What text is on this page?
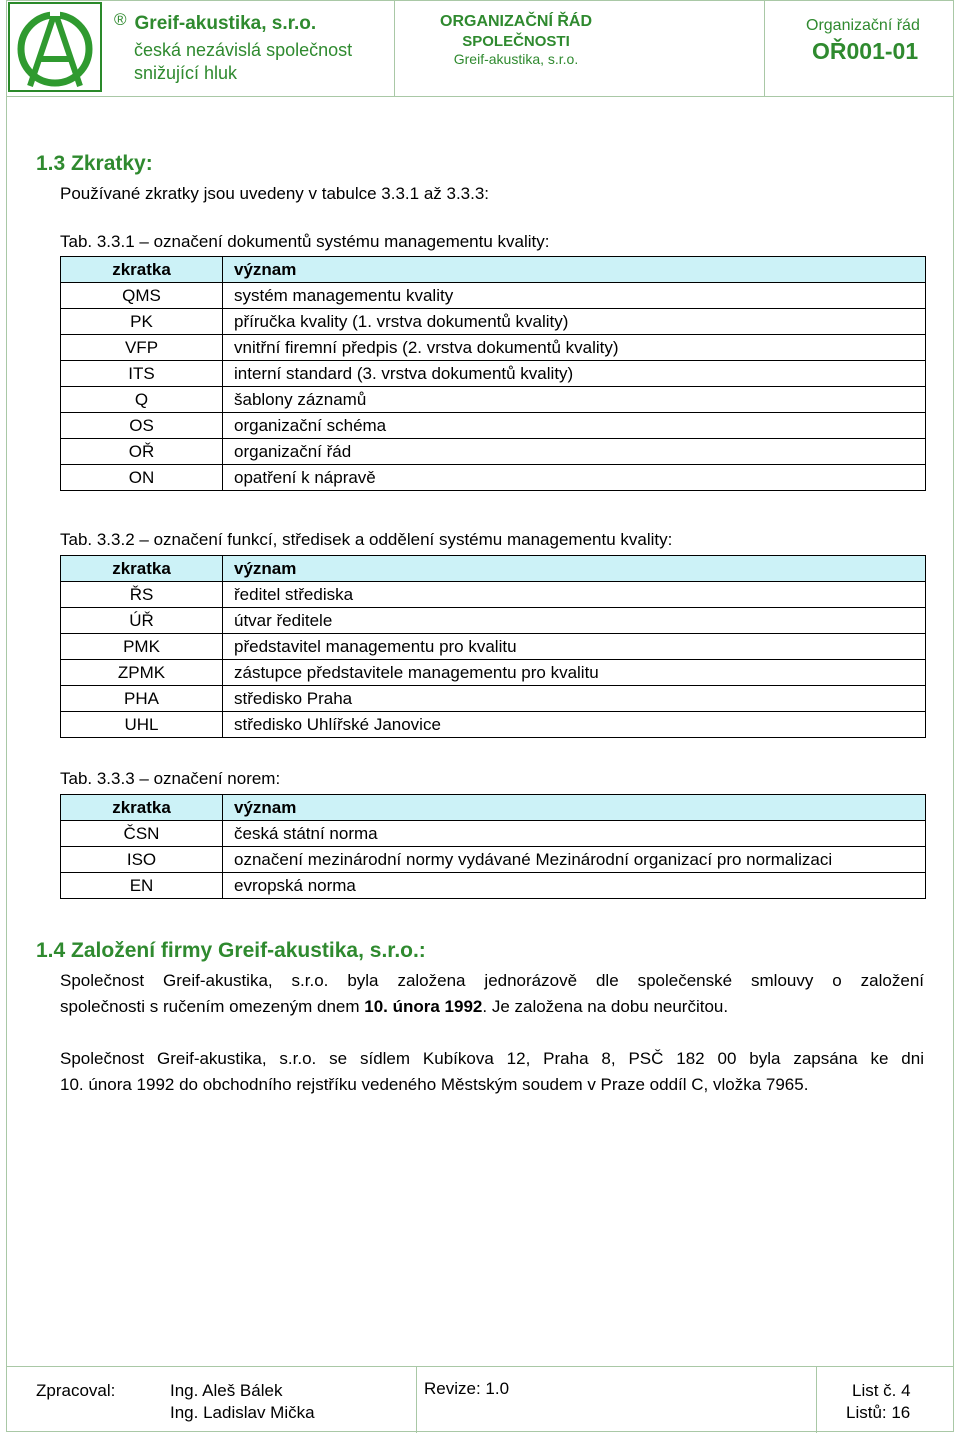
® Greif-akustika, s.r.o.
česká nezávislá společnost
snižující hluk
ORGANIZAČNÍ ŘÁD
SPOLEČNOSTI
Greif-akustika, s.r.o.
Organizační řád
OŘ001-01
1.3 Zkratky:
Používané zkratky jsou uvedeny v tabulce 3.3.1 až 3.3.3:
Tab. 3.3.1 – označení dokumentů systému managementu kvality:
zkratka	význam
QMS	systém managementu kvality
PK	příručka kvality (1. vrstva dokumentů kvality)
VFP	vnitřní firemní předpis (2. vrstva dokumentů kvality)
ITS	interní standard (3. vrstva dokumentů kvality)
Q	šablony záznamů
OS	organizační schéma
OŘ	organizační řád
ON	opatření k nápravě
Tab. 3.3.2 – označení funkcí, středisek a oddělení systému managementu kvality:
zkratka	význam
ŘS	ředitel střediska
ÚŘ	útvar ředitele
PMK	představitel managementu pro kvalitu
ZPMK	zástupce představitele managementu pro kvalitu
PHA	středisko Praha
UHL	středisko Uhlířské Janovice
Tab. 3.3.3 – označení norem:
zkratka	význam
ČSN	česká státní norma
ISO	označení mezinárodní normy vydávané Mezinárodní organizací pro normalizaci
EN	evropská norma
1.4 Založení firmy Greif-akustika, s.r.o.:
Společnost Greif-akustika, s.r.o. byla založena jednorázově dle společenské smlouvy o založení
společnosti s ručením omezeným dnem 10. února 1992. Je založena na dobu neurčitou.
Společnost Greif-akustika, s.r.o. se sídlem Kubíkova 12, Praha 8, PSČ 182 00 byla zapsána ke dni
10. února 1992 do obchodního rejstříku vedeného Městským soudem v Praze oddíl C, vložka 7965.
Zpracoval:	Ing. Aleš Bálek
Ing. Ladislav Mička
Revize: 1.0	List č. 4
Listů: 16
